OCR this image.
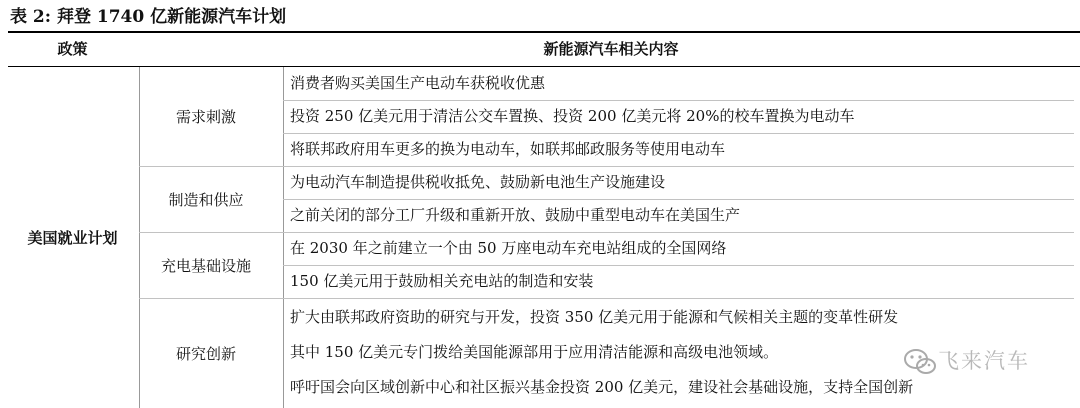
表 2: 拜登 1740 亿新能源汽车计划
政策	新能源汽车相关内容
美国就业计划
需求刺激
消费者购买美国生产电动车获税收优惠
投资 250 亿美元用于清洁公交车置换、投资 200 亿美元将 20%的校车置换为电动车
将联邦政府用车更多的换为电动车，如联邦邮政服务等使用电动车
制造和供应
为电动汽车制造提供税收抵免、鼓励新电池生产设施建设
之前关闭的部分工厂升级和重新开放、鼓励中重型电动车在美国生产
充电基础设施
在 2030 年之前建立一个由 50 万座电动车充电站组成的全国网络
150 亿美元用于鼓励相关充电站的制造和安装
研究创新
扩大由联邦政府资助的研究与开发，投资 350 亿美元用于能源和气候相关主题的变革性研发
其中 150 亿美元专门拨给美国能源部用于应用清洁能源和高级电池领域。
呼吁国会向区域创新中心和社区振兴基金投资 200 亿美元，建设社会基础设施，支持全国创新
飞来汽车
